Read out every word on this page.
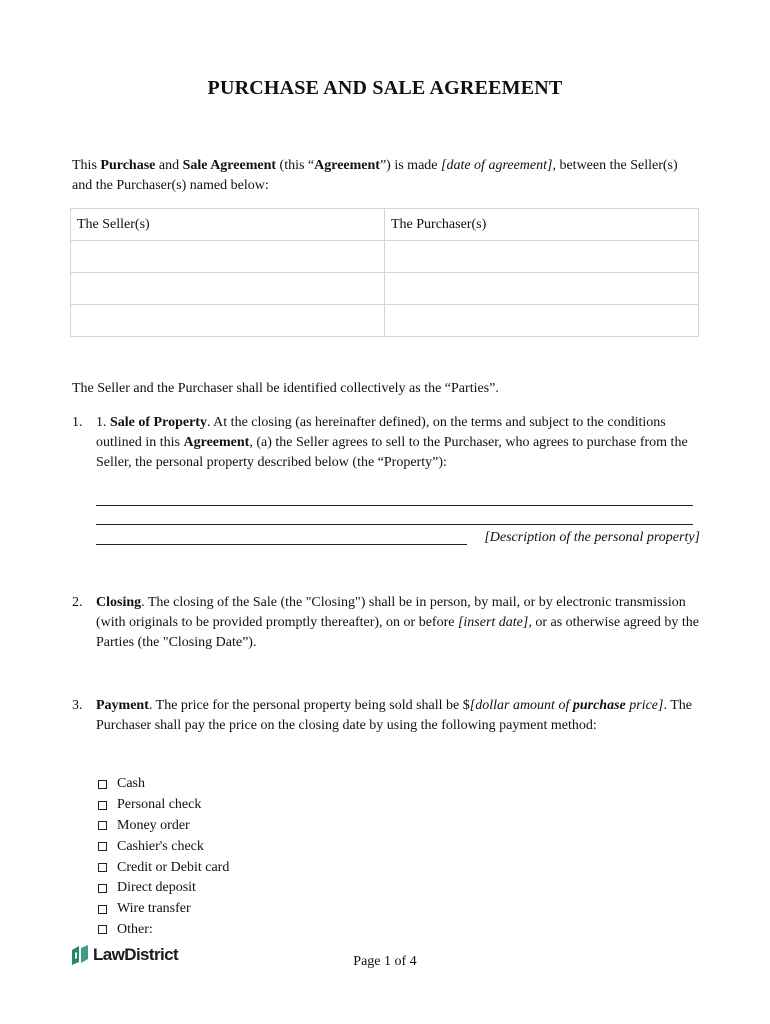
PURCHASE AND SALE AGREEMENT
This Purchase and Sale Agreement (this “Agreement”) is made [date of agreement], between the Seller(s) and the Purchaser(s) named below:
The Seller(s)	The Purchaser(s)

The Seller and the Purchaser shall be identified collectively as the “Parties”.
1. 1. Sale of Property. At the closing (as hereinafter defined), on the terms and subject to the conditions outlined in this Agreement, (a) the Seller agrees to sell to the Purchaser, who agrees to purchase from the Seller, the personal property described below (the “Property”):
[Description of the personal property]
2. Closing. The closing of the Sale (the "Closing") shall be in person, by mail, or by electronic transmission (with originals to be provided promptly thereafter), on or before [insert date], or as otherwise agreed by the Parties (the "Closing Date”).
3. Payment. The price for the personal property being sold shall be $[dollar amount of purchase price]. The Purchaser shall pay the price on the closing date by using the following payment method:
Cash
Personal check
Money order
Cashier's check
Credit or Debit card
Direct deposit
Wire transfer
Other:
LawDistrict	Page 1 of 4
